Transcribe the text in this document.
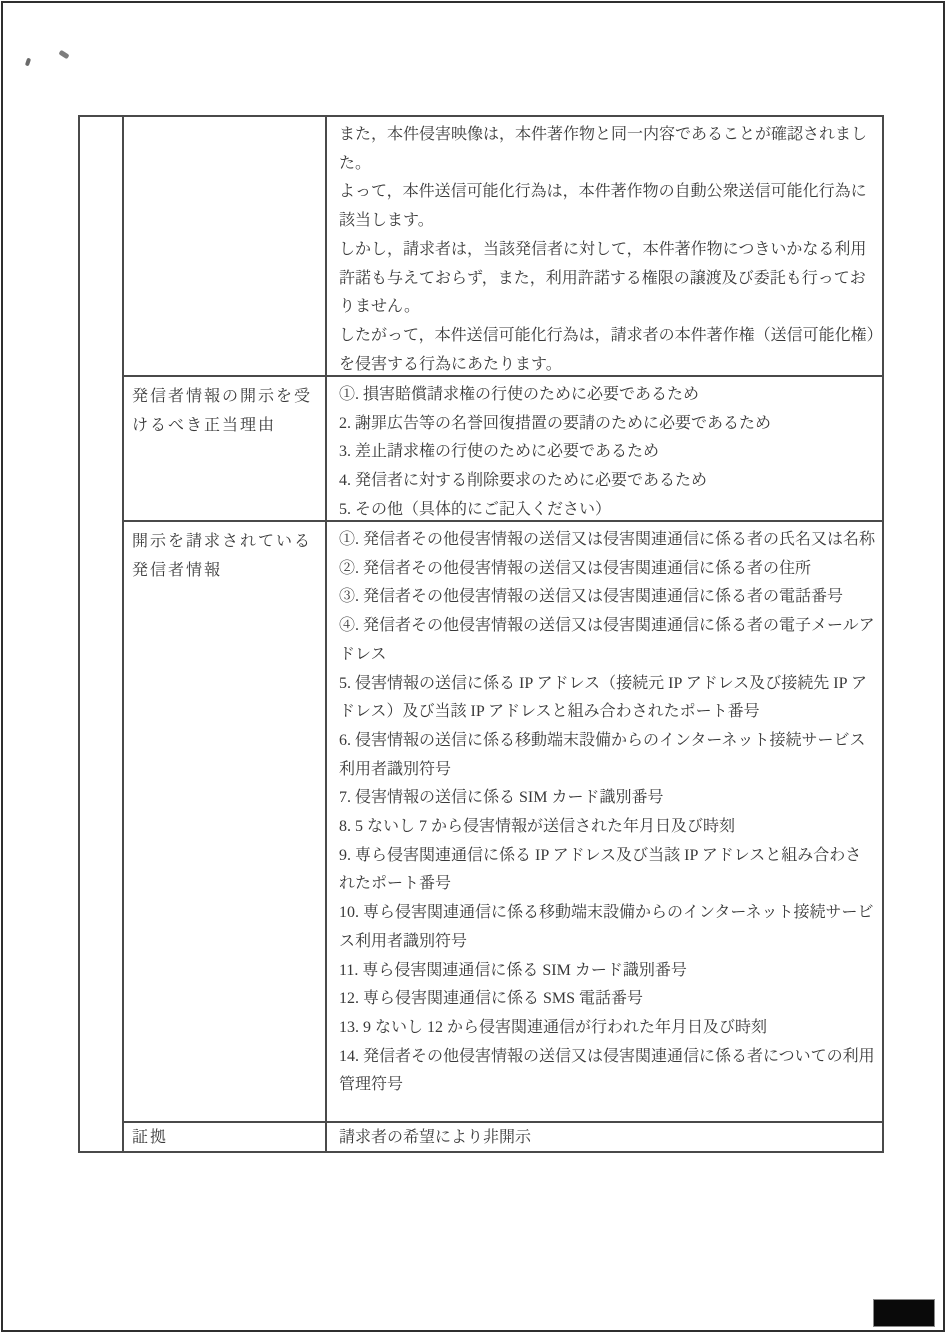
また，本件侵害映像は，本件著作物と同一内容であることが確認されました。

よって，本件送信可能化行為は，本件著作物の自動公衆送信可能化行為に該当します。

しかし，請求者は，当該発信者に対して，本件著作物につきいかなる利用許諾も与えておらず，また，利用許諾する権限の譲渡及び委託も行っておりません。

したがって，本件送信可能化行為は，請求者の本件著作権（送信可能化権）を侵害する行為にあたります。

発信者情報の開示を受けるべき正当理由

①. 損害賠償請求権の行使のために必要であるため

2. 謝罪広告等の名誉回復措置の要請のために必要であるため

3. 差止請求権の行使のために必要であるため

4. 発信者に対する削除要求のために必要であるため

5. その他（具体的にご記入ください）

開示を請求されている発信者情報

①. 発信者その他侵害情報の送信又は侵害関連通信に係る者の氏名又は名称

②. 発信者その他侵害情報の送信又は侵害関連通信に係る者の住所

③. 発信者その他侵害情報の送信又は侵害関連通信に係る者の電話番号

④. 発信者その他侵害情報の送信又は侵害関連通信に係る者の電子メールアドレス

5. 侵害情報の送信に係る IP アドレス（接続元 IP アドレス及び接続先 IP アドレス）及び当該 IP アドレスと組み合わされたポート番号

6. 侵害情報の送信に係る移動端末設備からのインターネット接続サービス利用者識別符号

7. 侵害情報の送信に係る SIM カード識別番号

8. 5 ないし 7 から侵害情報が送信された年月日及び時刻

9. 専ら侵害関連通信に係る IP アドレス及び当該 IP アドレスと組み合わされたポート番号

10. 専ら侵害関連通信に係る移動端末設備からのインターネット接続サービス利用者識別符号

11. 専ら侵害関連通信に係る SIM カード識別番号

12. 専ら侵害関連通信に係る SMS 電話番号

13. 9 ないし 12 から侵害関連通信が行われた年月日及び時刻

14. 発信者その他侵害情報の送信又は侵害関連通信に係る者についての利用管理符号

証拠	請求者の希望により非開示
